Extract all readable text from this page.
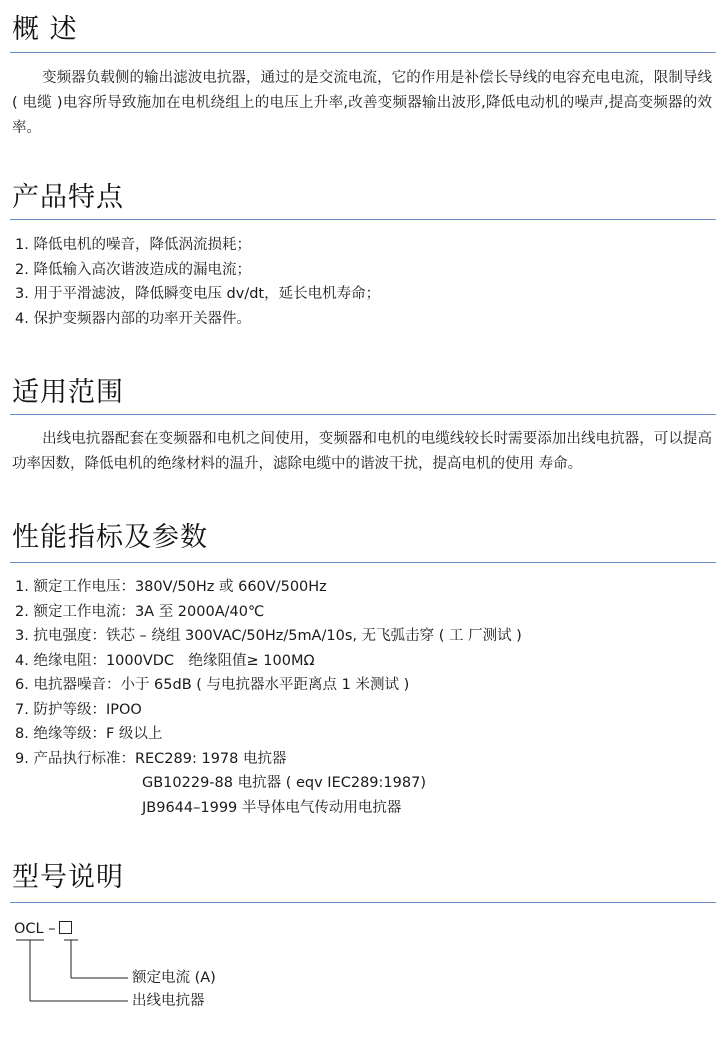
概 述

变频器负载侧的输出滤波电抗器，通过的是交流电流，它的作用是补偿长导线的电容充电电流，限制导线( 电缆 )电容所导致施加在电机绕组上的电压上升率,改善变频器输出波形,降低电动机的噪声,提高变频器的效率。

产品特点
1. 降低电机的噪音，降低涡流损耗；
2. 降低输入高次谐波造成的漏电流；
3. 用于平滑滤波，降低瞬变电压 dv/dt，延长电机寿命；
4. 保护变频器内部的功率开关器件。
适用范围

出线电抗器配套在变频器和电机之间使用，变频器和电机的电缆线较长时需要添加出线电抗器，可以提高功率因数，降低电机的绝缘材料的温升，滤除电缆中的谐波干扰，提高电机的使用 寿命。

性能指标及参数
1. 额定工作电压：380V/50Hz 或 660V/500Hz
2. 额定工作电流：3A 至 2000A/40℃
3. 抗电强度：铁芯 – 绕组 300VAC/50Hz/5mA/10s, 无飞弧击穿 ( 工 厂测试 )
4. 绝缘电阻：1000VDC　绝缘阻值≥ 100MΩ
6. 电抗器噪音：小于 65dB ( 与电抗器水平距离点 1 米测试 )
7. 防护等级：IPOO
8. 绝缘等级：F 级以上
9. 产品执行标准：REC289: 1978 电抗器
GB10229-88 电抗器 ( eqv IEC289:1987)
JB9644–1999 半导体电气传动用电抗器
型号说明
OCL –
额定电流 (A)
出线电抗器
